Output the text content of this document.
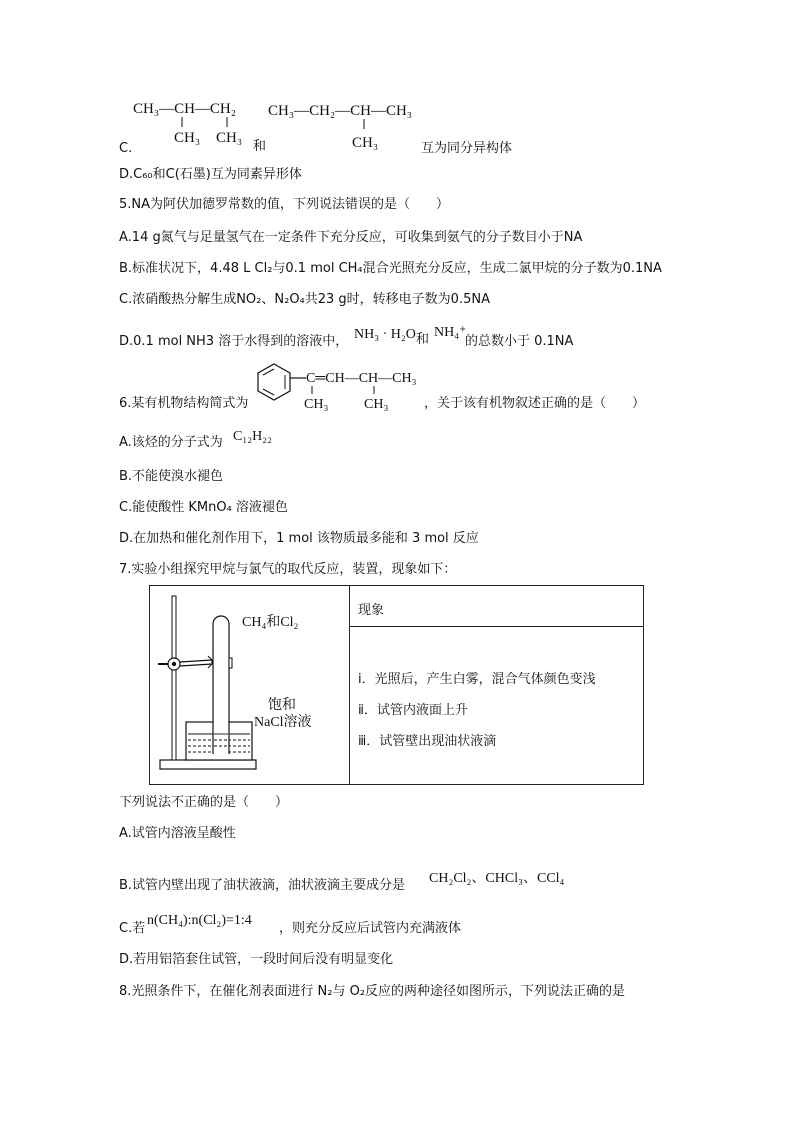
CH₃—CH—CH₂
CH₃ CH₃
C.	和
CH₃—CH₂—CH—CH₃
CH₃	互为同分异构体
D.C₆₀和C(石墨)互为同素异形体
5.NA为阿伏加德罗常数的值，下列说法错误的是（　　）
A.14 g氮气与足量氢气在一定条件下充分反应，可收集到氨气的分子数目小于NA
B.标准状况下，4.48 L Cl₂与0.1 mol CH₄混合光照充分反应，生成二氯甲烷的分子数为0.1NA
C.浓硝酸热分解生成NO₂、N₂O₄共23 g时，转移电子数为0.5NA
D.0.1 mol NH3 溶于水得到的溶液中， NH₃ · H₂O 和 NH₄⁺
的总数小于 0.1NA
6.某有机物结构简式为
C═CH—CH—CH₃
CH₃	CH₃	，关于该有机物叙述正确的是（　　）
A.该烃的分子式为 C₁₂H₂₂
B.不能使溴水褪色
C.能使酸性 KMnO₄ 溶液褪色
D.在加热和催化剂作用下，1 mol 该物质最多能和 3 mol 反应
7.实验小组探究甲烷与氯气的取代反应，装置，现象如下：
现象
ⅰ．光照后，产生白雾，混合气体颜色变浅
ⅱ．试管内液面上升
ⅲ．试管壁出现油状液滴
CH₄和Cl₂
饱和
NaCl溶液
下列说法不正确的是（　　）
A.试管内溶液呈酸性
B.试管内壁出现了油状液滴，油状液滴主要成分是 CH₂Cl₂、CHCl₃、CCl₄
C.若
n(CH₄):n(Cl₂)=1:4
，则充分反应后试管内充满液体
D.若用铝箔套住试管，一段时间后没有明显变化
8.光照条件下，在催化剂表面进行 N₂与 O₂反应的两种途径如图所示，下列说法正确的是
